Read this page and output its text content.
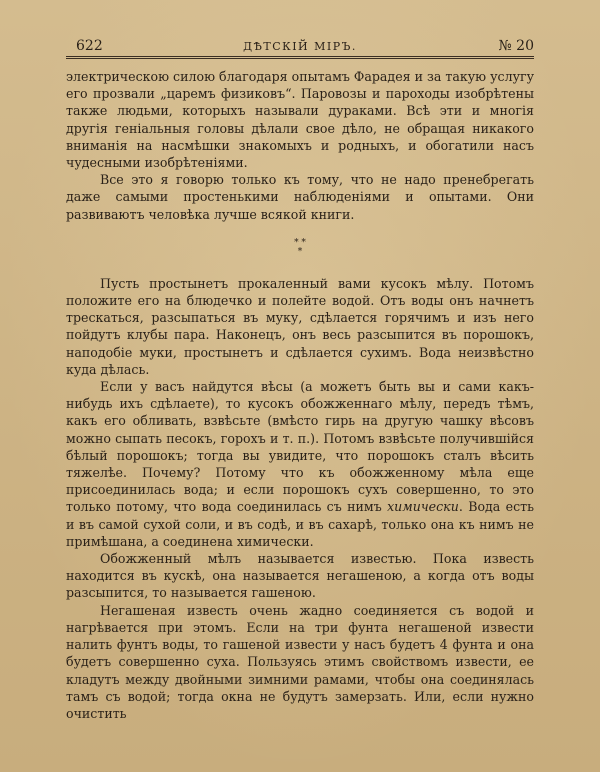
622	ДѢТСКІЙ МІРЪ.	№ 20

электрическою силою благодаря опытамъ Фарадея и за такую услугу его прозвали „царемъ физиковъ“. Паровозы и пароходы изобрѣтены также людьми, которыхъ называли дураками. Всѣ эти и многія другія геніальныя головы дѣлали свое дѣло, не обращая никакого вниманія на насмѣшки знакомыхъ и родныхъ, и обогатили насъ чудесными изобрѣтеніями.

Все это я говорю только къ тому, что не надо пренебрегать даже самыми простенькими наблюденіями и опытами. Они развиваютъ человѣка лучше всякой книги.

* *
*

Пусть простынетъ прокаленный вами кусокъ мѣлу. Потомъ положите его на блюдечко и полейте водой. Отъ воды онъ начнетъ трескаться, разсыпаться въ муку, сдѣлается горячимъ и изъ него пойдутъ клубы пара. Наконецъ, онъ весь разсыпится въ порошокъ, наподобіе муки, простынетъ и сдѣлается сухимъ. Вода неизвѣстно куда дѣлась.

Если у васъ найдутся вѣсы (а можетъ быть вы и сами какъ-нибудь ихъ сдѣлаете), то кусокъ обожженнаго мѣлу, передъ тѣмъ, какъ его обливать, взвѣсьте (вмѣсто гирь на другую чашку вѣсовъ можно сыпать песокъ, горохъ и т. п.). Потомъ взвѣсьте получившійся бѣлый порошокъ; тогда вы увидите, что порошокъ сталъ вѣсить тяжелѣе. Почему? Потому что къ обожженному мѣла еще присоединилась вода; и если порошокъ сухъ совершенно, то это только потому, что вода соединилась съ нимъ химически. Вода есть и въ самой сухой соли, и въ содѣ, и въ сахарѣ, только она къ нимъ не примѣшана, а соединена химически.

Обожженный мѣлъ называется известью. Пока известь находится въ кускѣ, она называется негашеною, а когда отъ воды разсыпится, то называется гашеною.

Негашеная известь очень жадно соединяется съ водой и нагрѣвается при этомъ. Если на три фунта негашеной извести налить фунтъ воды, то гашеной извести у насъ будетъ 4 фунта и она будетъ совершенно суха. Пользуясь этимъ свойствомъ извести, ее кладутъ между двойными зимними рамами, чтобы она соединялась тамъ съ водой; тогда окна не будутъ замерзать. Или, если нужно очистить
